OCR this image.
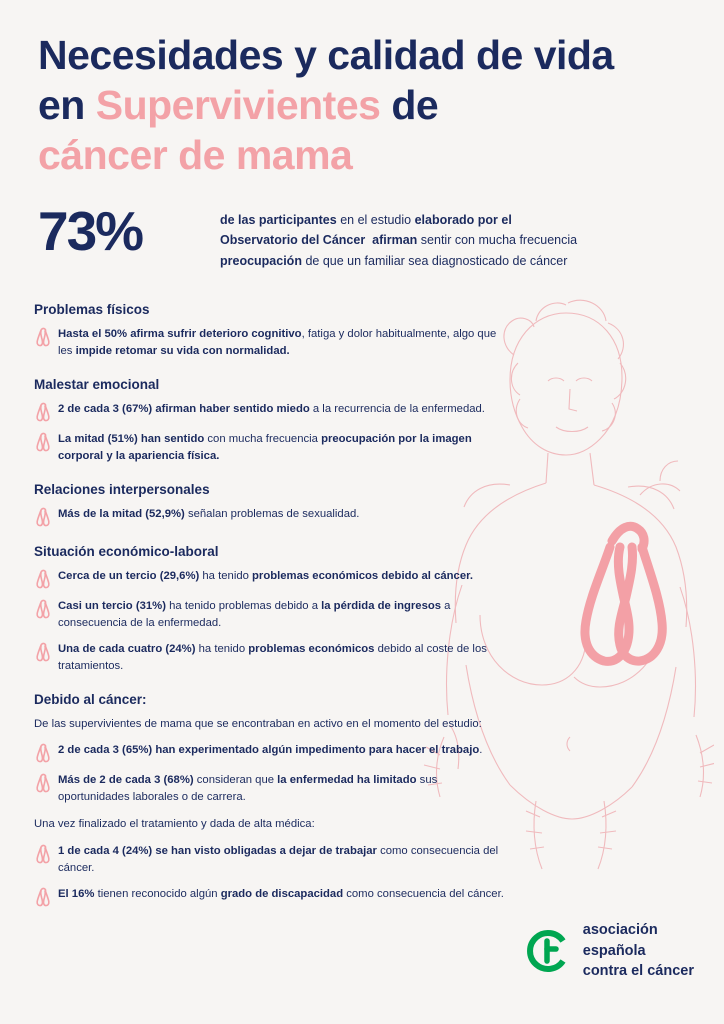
Necesidades y calidad de vida
en Supervivientes de
cáncer de mama
73%	de las participantes en el estudio elaborado por el
Observatorio del Cáncer afirman sentir con mucha frecuencia
preocupación de que un familiar sea diagnosticado de cáncer
Problemas físicos
Hasta el 50% afirma sufrir deterioro cognitivo, fatiga y dolor habitualmente, algo que les impide retomar su vida con normalidad.
Malestar emocional
2 de cada 3 (67%) afirman haber sentido miedo a la recurrencia de la enfermedad.
La mitad (51%) han sentido con mucha frecuencia preocupación por la imagen corporal y la apariencia física.
Relaciones interpersonales
Más de la mitad (52,9%) señalan problemas de sexualidad.
Situación económico-laboral
Cerca de un tercio (29,6%) ha tenido problemas económicos debido al cáncer.
Casi un tercio (31%) ha tenido problemas debido a la pérdida de ingresos a consecuencia de la enfermedad.
Una de cada cuatro (24%) ha tenido problemas económicos debido al coste de los tratamientos.
Debido al cáncer:
De las supervivientes de mama que se encontraban en activo en el momento del estudio:
2 de cada 3 (65%) han experimentado algún impedimento para hacer el trabajo.
Más de 2 de cada 3 (68%) consideran que la enfermedad ha limitado sus oportunidades laborales o de carrera.
Una vez finalizado el tratamiento y dada de alta médica:
1 de cada 4 (24%) se han visto obligadas a dejar de trabajar como consecuencia del cáncer.
El 16% tienen reconocido algún grado de discapacidad como consecuencia del cáncer.
asociación
española
contra el cáncer
